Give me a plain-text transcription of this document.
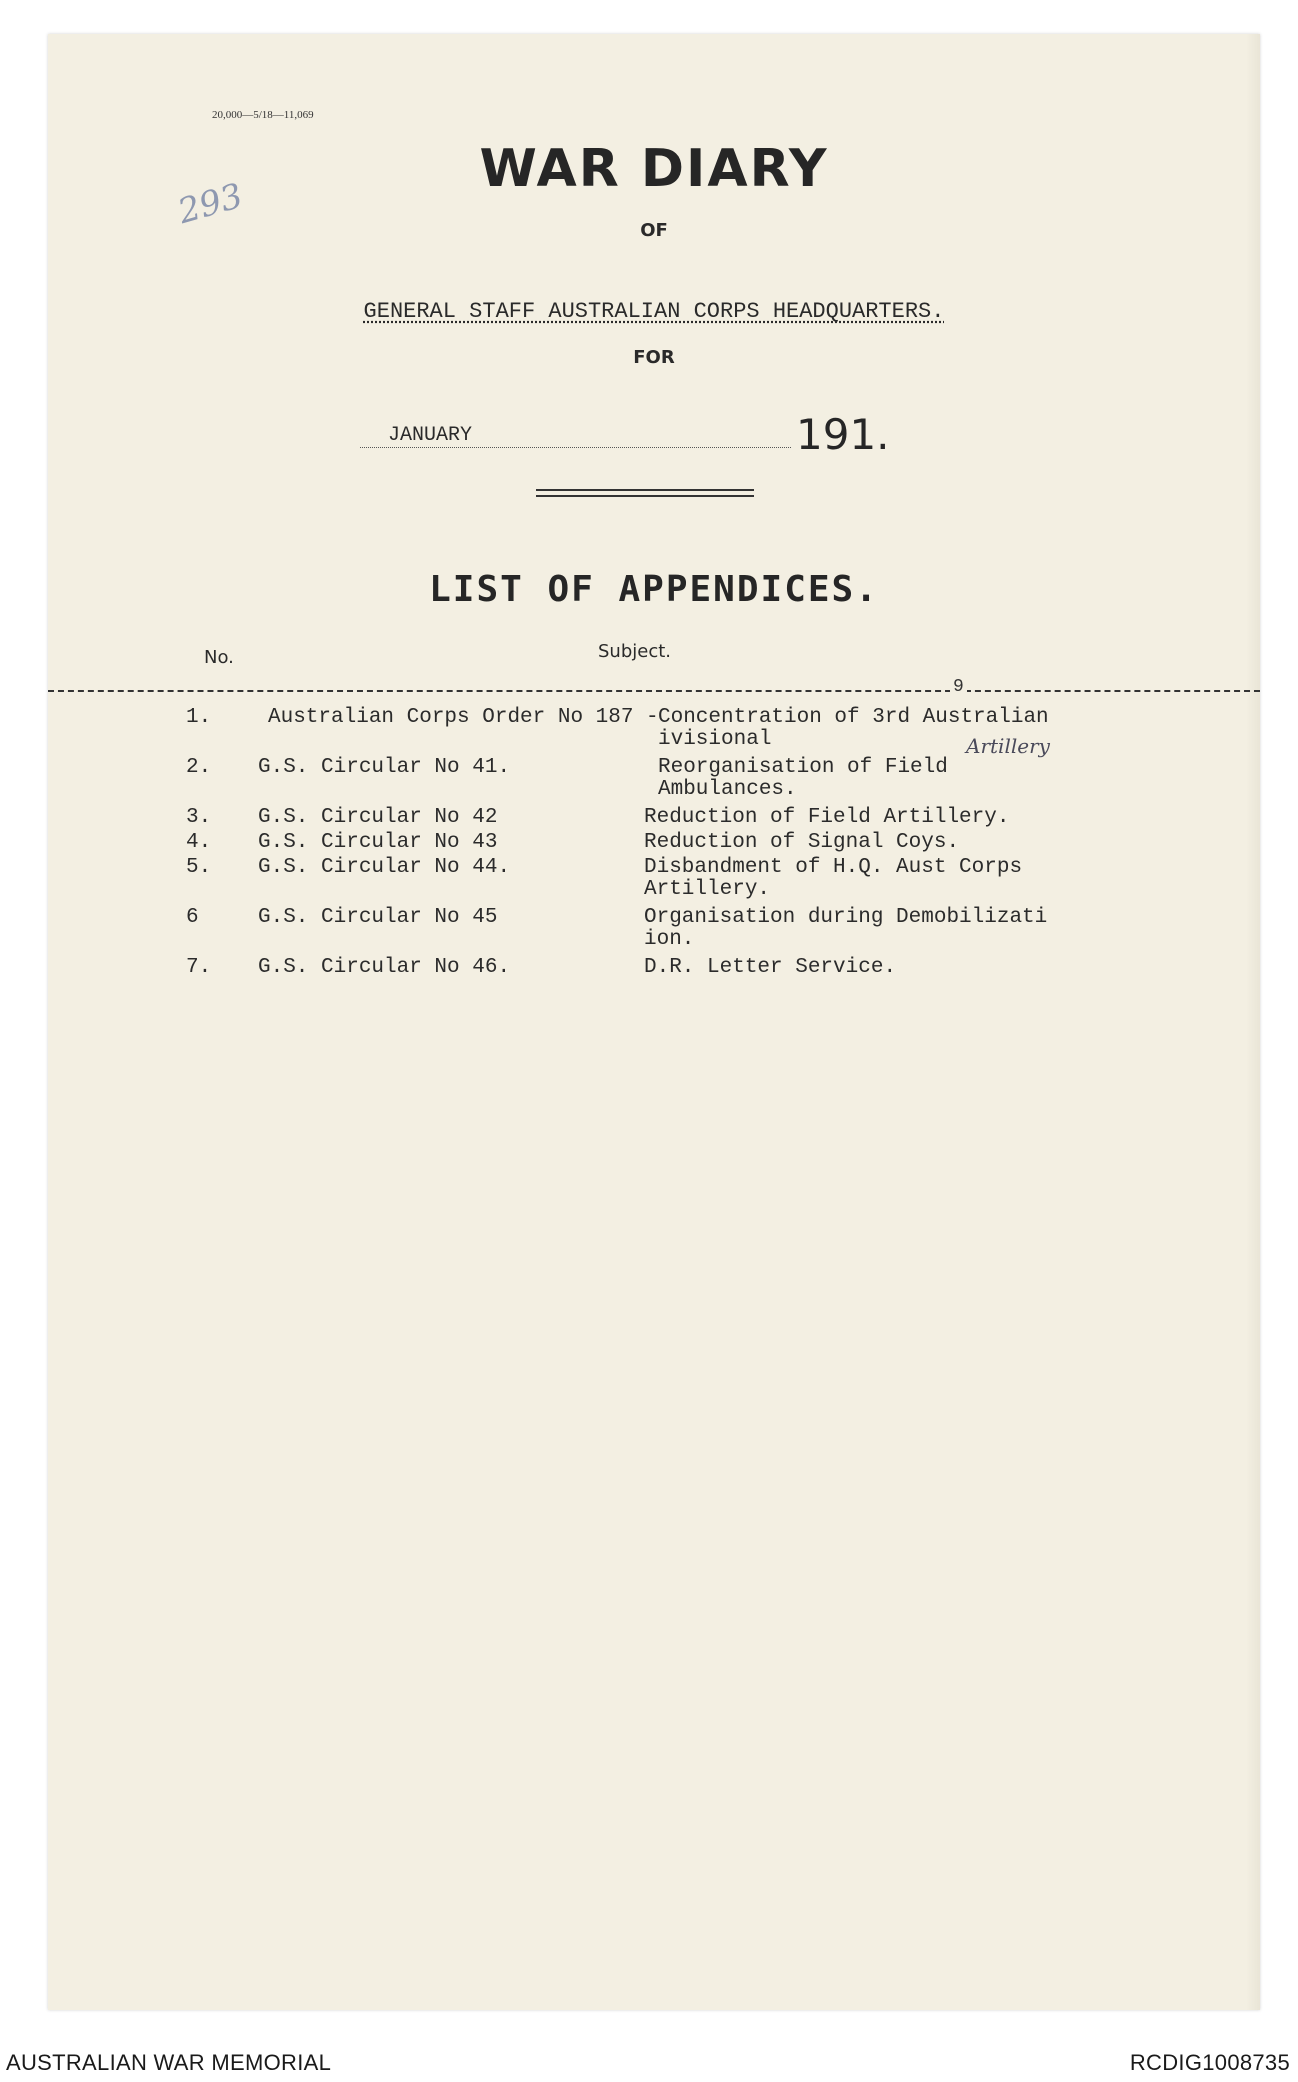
20,000—5/18—11,069
293
WAR DIARY
OF
GENERAL STAFF AUSTRALIAN CORPS HEADQUARTERS.
FOR
JANUARY	191.
LIST OF APPENDICES.
No.	Subject.
9
1.	Australian Corps Order No 187 - Concentration of 3rd Australian
ivisional
2. G.S. Circular No 41.	Reorganisation of Field
Ambulances.
3. G.S. Circular No 42	Reduction of Field Artillery.
4. G.S. Circular No 43	Reduction of Signal Coys.
5. G.S. Circular No 44.	Disbandment of H.Q. Aust Corps
Artillery.
6	G.S. Circular No 45	Organisation during Demobilizati
ion.
7. G.S. Circular No 46.	D.R. Letter Service.
Artillery
AUSTRALIAN WAR MEMORIAL	RCDIG1008735
